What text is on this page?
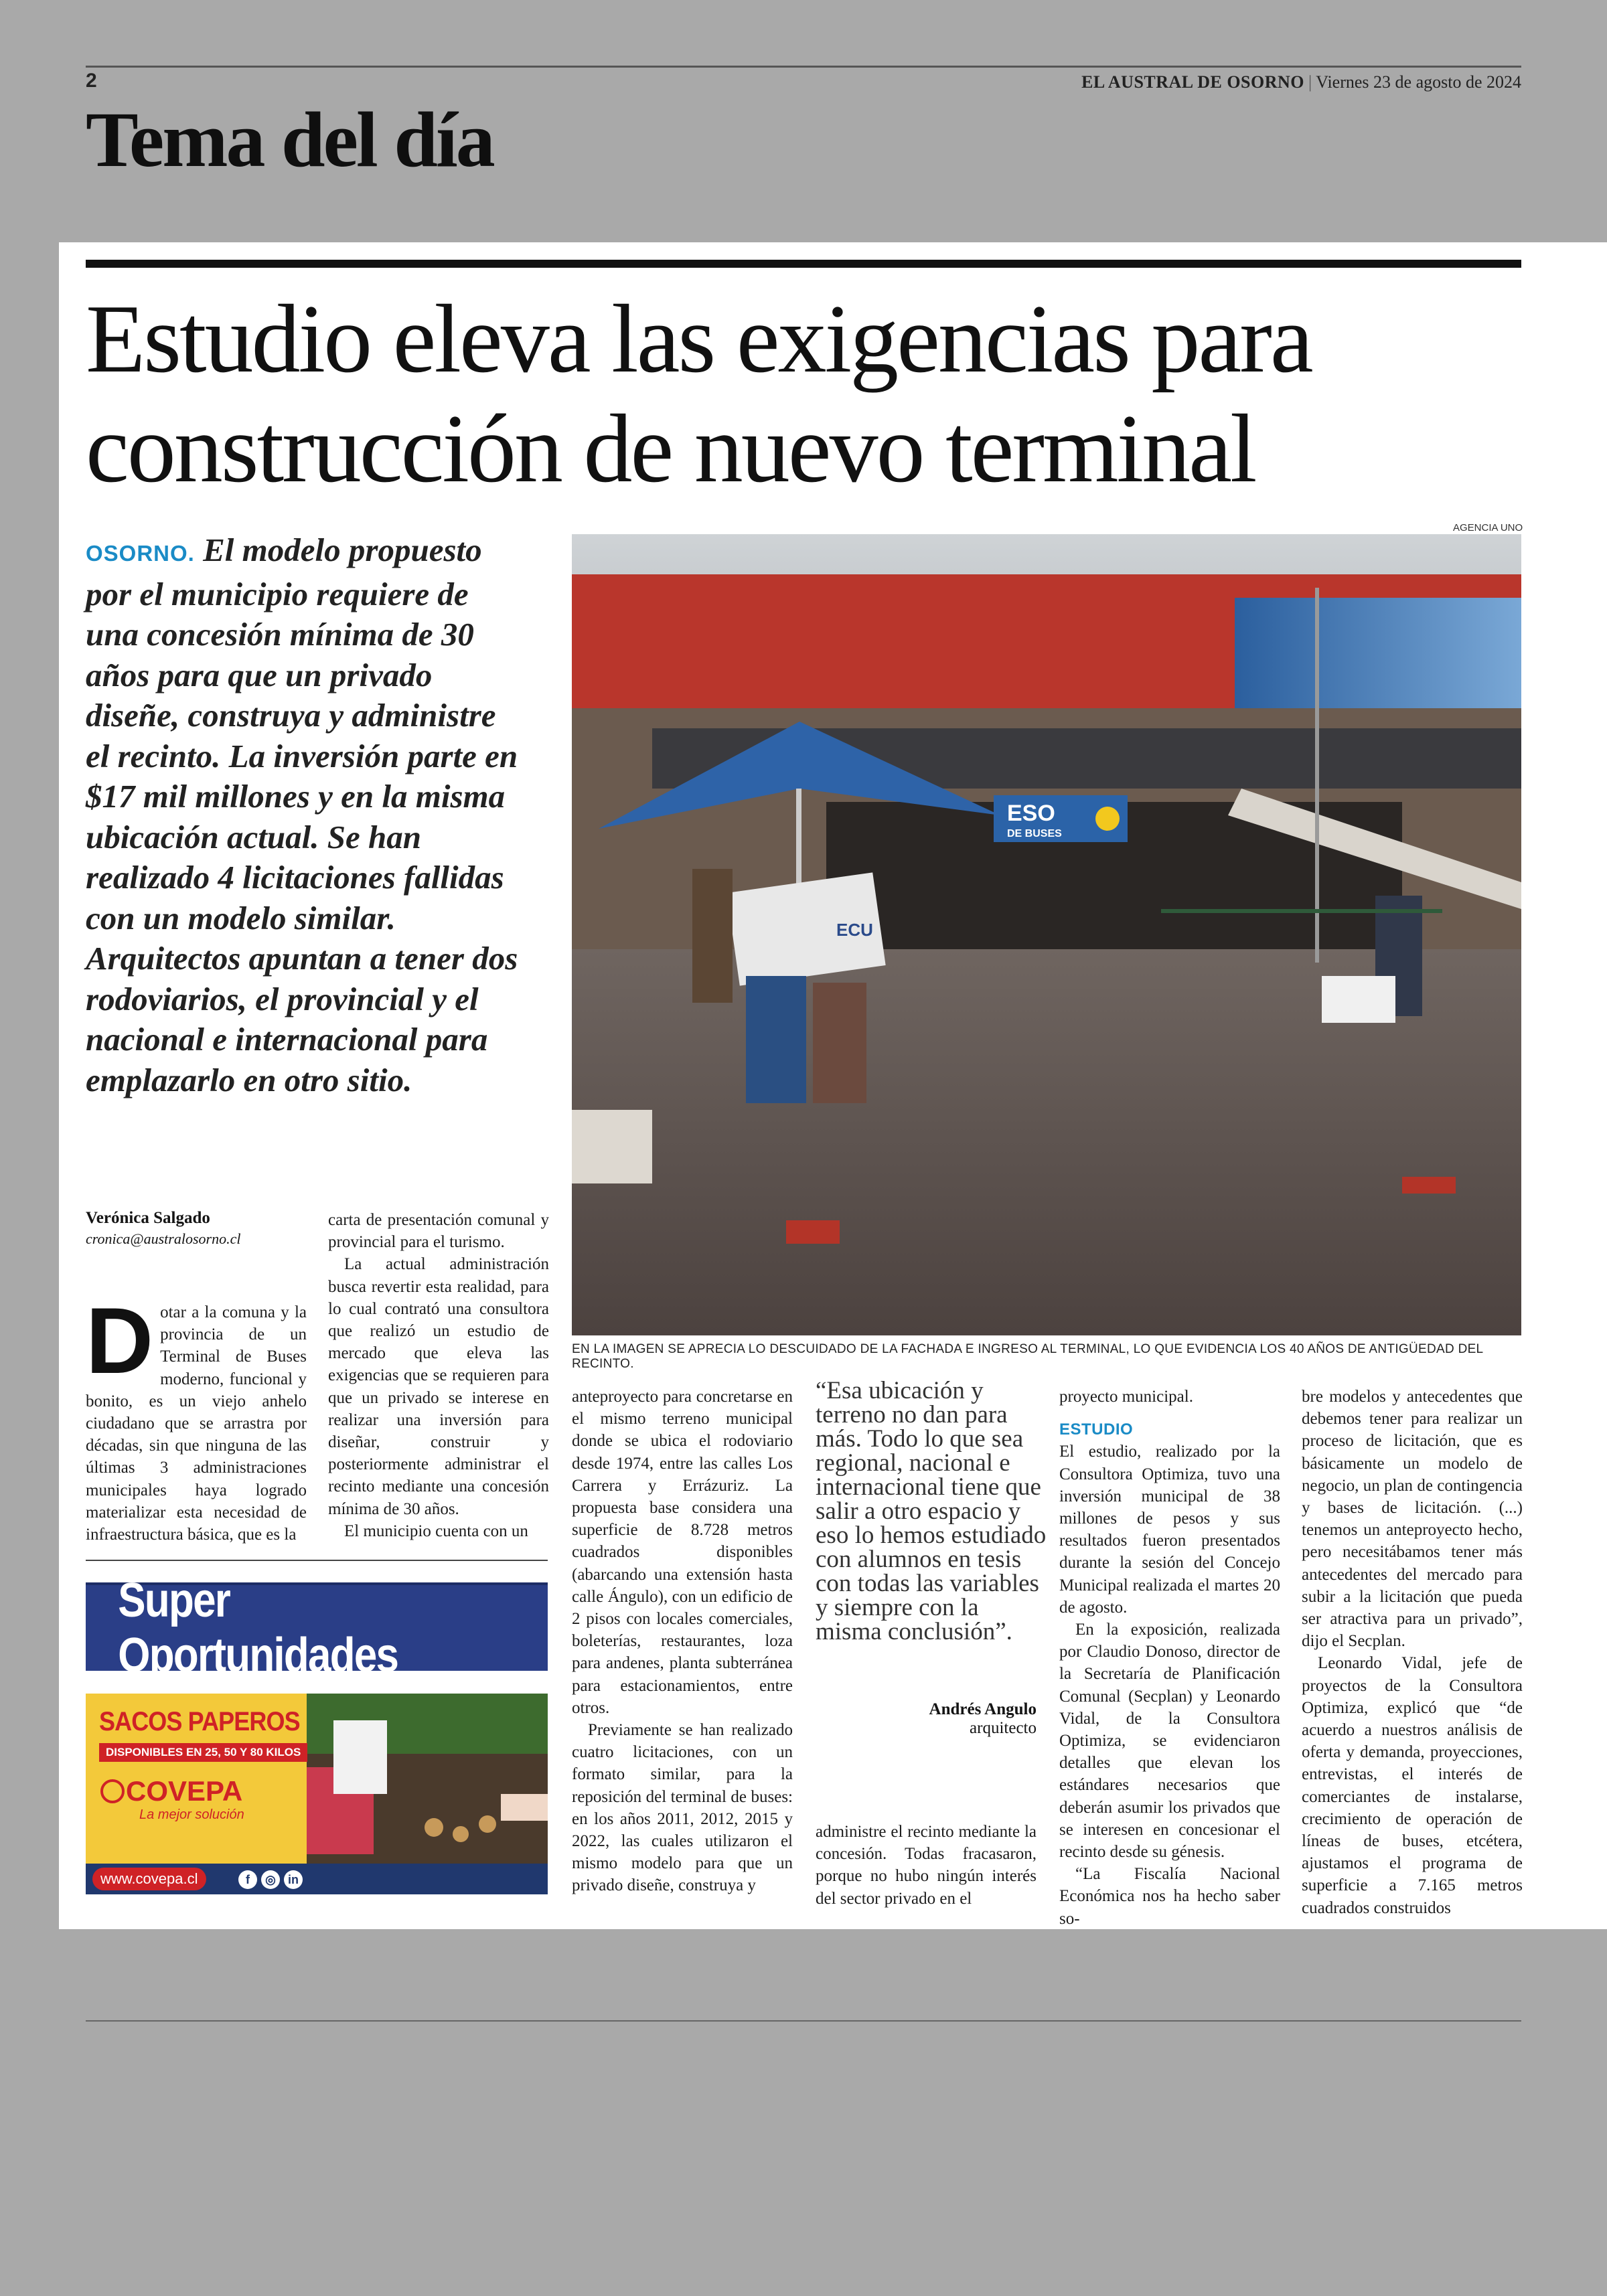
2	EL AUSTRAL DE OSORNO | Viernes 23 de agosto de 2024
Tema del día
Estudio eleva las exigencias para construcción de nuevo terminal

OSORNO. El modelo propuesto por el municipio requiere de una concesión mínima de 30 años para que un privado diseñe, construya y administre el recinto. La inversión parte en $17 mil millones y en la misma ubicación actual. Se han realizado 4 licitaciones fallidas con un modelo similar. Arquitectos apuntan a tener dos rodoviarios, el provincial y el nacional e internacional para emplazarlo en otro sitio.

Verónica Salgado
cronica@australosorno.cl
Dotar a la comuna y la provincia de un Terminal de Buses moderno, funcional y bonito, es un viejo anhelo ciudadano que se arrastra por décadas, sin que ninguna de las últimas 3 administraciones municipales haya logrado materializar esta necesidad de infraestructura básica, que es la

carta de presentación comunal y provincial para el turismo.

La actual administración busca revertir esta realidad, para lo cual contrató una consultora que realizó un estudio de mercado que eleva las exigencias que se requieren para que un privado se interese en realizar una inversión para diseñar, construir y posteriormente administrar el recinto mediante una concesión mínima de 30 años.

El municipio cuenta con un

AGENCIA UNO
ESO
DE BUSES
ECU
EN LA IMAGEN SE APRECIA LO DESCUIDADO DE LA FACHADA E INGRESO AL TERMINAL, LO QUE EVIDENCIA LOS 40 AÑOS DE ANTIGÜEDAD DEL RECINTO.

anteproyecto para concretarse en el mismo terreno municipal donde se ubica el rodoviario desde 1974, entre las calles Los Carrera y Errázuriz. La propuesta base considera una superficie de 8.728 metros cuadrados disponibles (abarcando una extensión hasta calle Ángulo), con un edificio de 2 pisos con locales comerciales, boleterías, restaurantes, loza para andenes, planta subterránea para estacionamientos, entre otros.

Previamente se han realizado cuatro licitaciones, con un formato similar, para la reposición del terminal de buses: en los años 2011, 2012, 2015 y 2022, las cuales utilizaron el mismo modelo para que un privado diseñe, construya y

“Esa ubicación y terreno no dan para más. Todo lo que sea regional, nacional e internacional tiene que salir a otro espacio y eso lo hemos estudiado con alumnos en tesis con todas las variables y siempre con la misma conclusión”.
Andrés Angulo
arquitecto

administre el recinto mediante la concesión. Todas fracasaron, porque no hubo ningún interés del sector privado en el

proyecto municipal.

ESTUDIO

El estudio, realizado por la Consultora Optimiza, tuvo una inversión municipal de 38 millones de pesos y sus resultados fueron presentados durante la sesión del Concejo Municipal realizada el martes 20 de agosto.

En la exposición, realizada por Claudio Donoso, director de la Secretaría de Planificación Comunal (Secplan) y Leonardo Vidal, de la Consultora Optimiza, se evidenciaron detalles que elevan los estándares necesarios que deberán asumir los privados que se interesen en concesionar el recinto desde su génesis.

“La Fiscalía Nacional Económica nos ha hecho saber so-

bre modelos y antecedentes que debemos tener para realizar un proceso de licitación, que es básicamente un modelo de negocio, un plan de contingencia y bases de licitación. (...) tenemos un anteproyecto hecho, pero necesitábamos tener más antecedentes del mercado para subir a la licitación que pueda ser atractiva para un privado”, dijo el Secplan.

Leonardo Vidal, jefe de proyectos de la Consultora Optimiza, explicó que “de acuerdo a nuestros análisis de oferta y demanda, proyecciones, entrevistas, el interés de comerciantes de instalarse, crecimiento de operación de líneas de buses, etcétera, ajustamos el programa de superficie a 7.165 metros cuadrados construidos

Super Oportunidades
SACOS PAPEROS
DISPONIBLES EN 25, 50 Y 80 KILOS
COVEPA
La mejor solución
www.covepa.cl	f	◎	in
